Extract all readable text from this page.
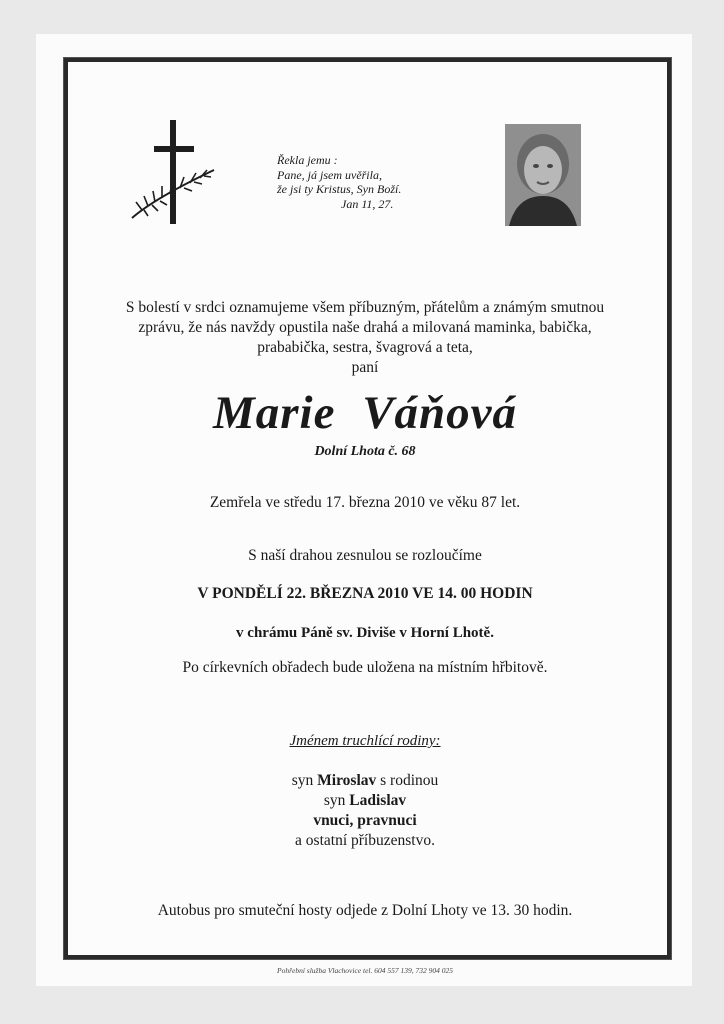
Řekla jemu :
Pane, já jsem uvěřila,
že jsi ty Kristus, Syn Boží.

Jan 11, 27.
S bolestí v srdci oznamujeme všem příbuzným, přátelům a známým smutnou
zprávu, že nás navždy opustila naše drahá a milovaná maminka, babička,
prababička, sestra, švagrová a teta,
paní
Marie Váňová
Dolní Lhota č. 68
Zemřela ve středu 17. března 2010 ve věku 87 let.
S naší drahou zesnulou se rozloučíme
V PONDĚLÍ 22. BŘEZNA 2010 VE 14. 00 HODIN
v chrámu Páně sv. Diviše v Horní Lhotě.
Po církevních obřadech bude uložena na místním hřbitově.
Jménem truchlící rodiny:
syn Miroslav s rodinou
syn Ladislav
vnuci, pravnuci
a ostatní příbuzenstvo.
Autobus pro smuteční hosty odjede z Dolní Lhoty ve 13. 30 hodin.
Pohřební služba Vlachovice tel. 604 557 139, 732 904 025
